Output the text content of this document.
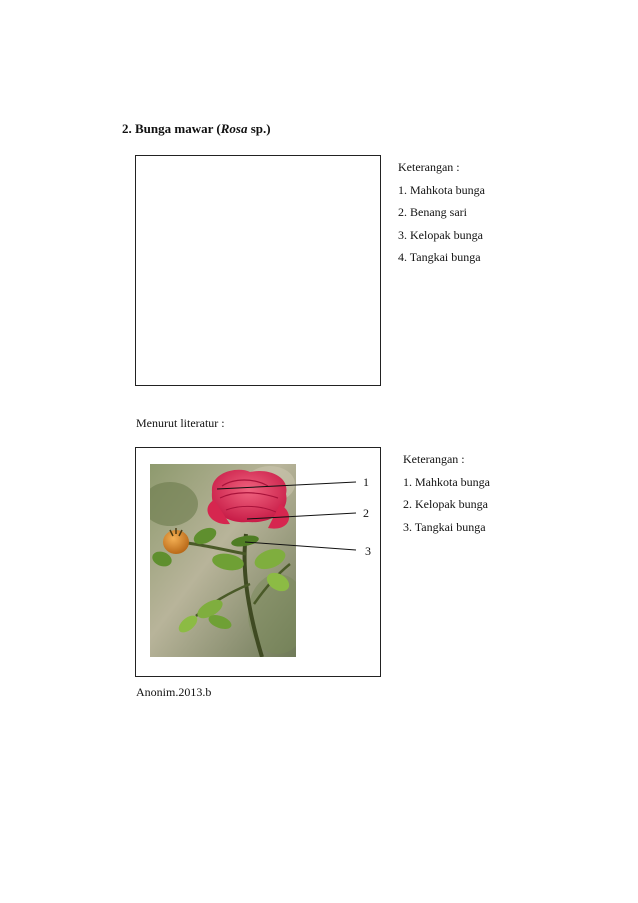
2. Bunga mawar (Rosa sp.)
Keterangan :
1. Mahkota bunga
2. Benang sari
3. Kelopak bunga
4. Tangkai bunga
Menurut literatur :
1
2
3
Keterangan :
1. Mahkota bunga
2. Kelopak bunga
3. Tangkai bunga
Anonim.2013.b
